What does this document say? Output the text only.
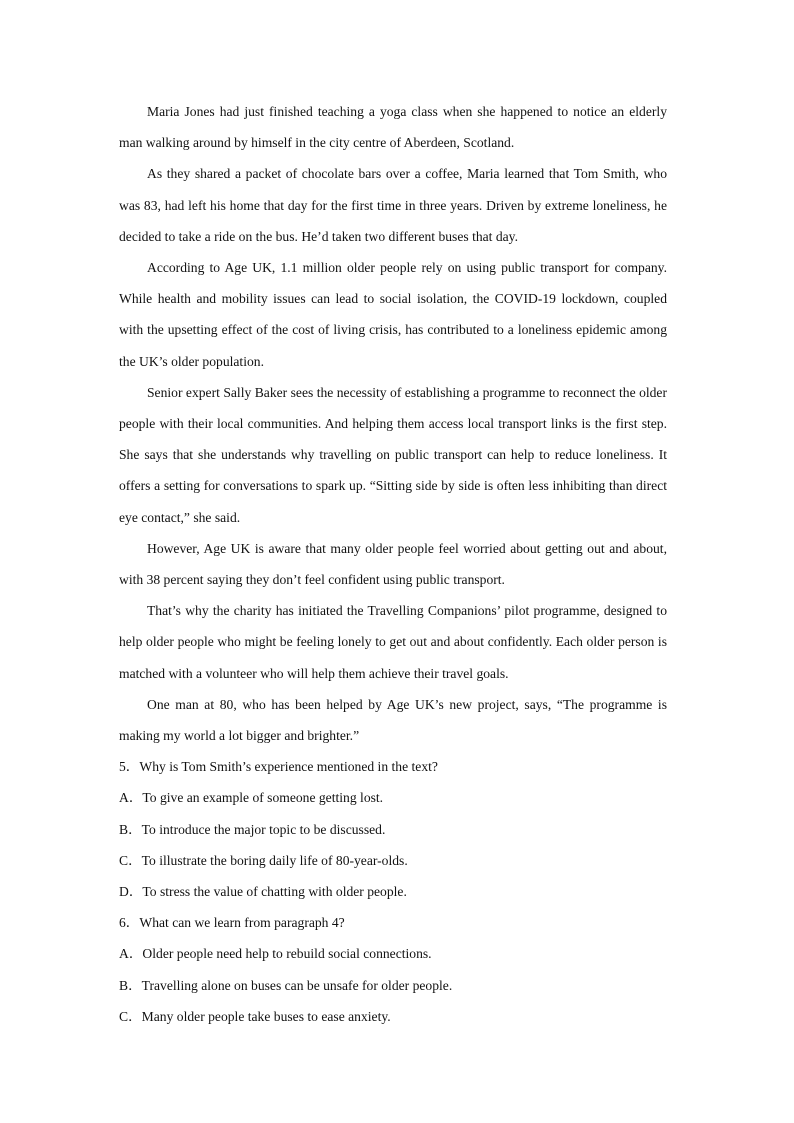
Maria Jones had just finished teaching a yoga class when she happened to notice an elderly man walking around by himself in the city centre of Aberdeen, Scotland.

As they shared a packet of chocolate bars over a coffee, Maria learned that Tom Smith, who was 83, had left his home that day for the first time in three years. Driven by extreme loneliness, he decided to take a ride on the bus. He’d taken two different buses that day.

According to Age UK, 1.1 million older people rely on using public transport for company. While health and mobility issues can lead to social isolation, the COVID-19 lockdown, coupled with the upsetting effect of the cost of living crisis, has contributed to a loneliness epidemic among the UK’s older population.

Senior expert Sally Baker sees the necessity of establishing a programme to reconnect the older people with their local communities. And helping them access local transport links is the first step. She says that she understands why travelling on public transport can help to reduce loneliness. It offers a setting for conversations to spark up. “Sitting side by side is often less inhibiting than direct eye contact,” she said.

However, Age UK is aware that many older people feel worried about getting out and about, with 38 percent saying they don’t feel confident using public transport.

That’s why the charity has initiated the Travelling Companions’ pilot programme, designed to help older people who might be feeling lonely to get out and about confidently. Each older person is matched with a volunteer who will help them achieve their travel goals.

One man at 80, who has been helped by Age UK’s new project, says, “The programme is making my world a lot bigger and brighter.”

5．Why is Tom Smith’s experience mentioned in the text?

A．To give an example of someone getting lost.

B．To introduce the major topic to be discussed.

C．To illustrate the boring daily life of 80-year-olds.

D．To stress the value of chatting with older people.

6．What can we learn from paragraph 4?

A．Older people need help to rebuild social connections.

B．Travelling alone on buses can be unsafe for older people.

C．Many older people take buses to ease anxiety.
